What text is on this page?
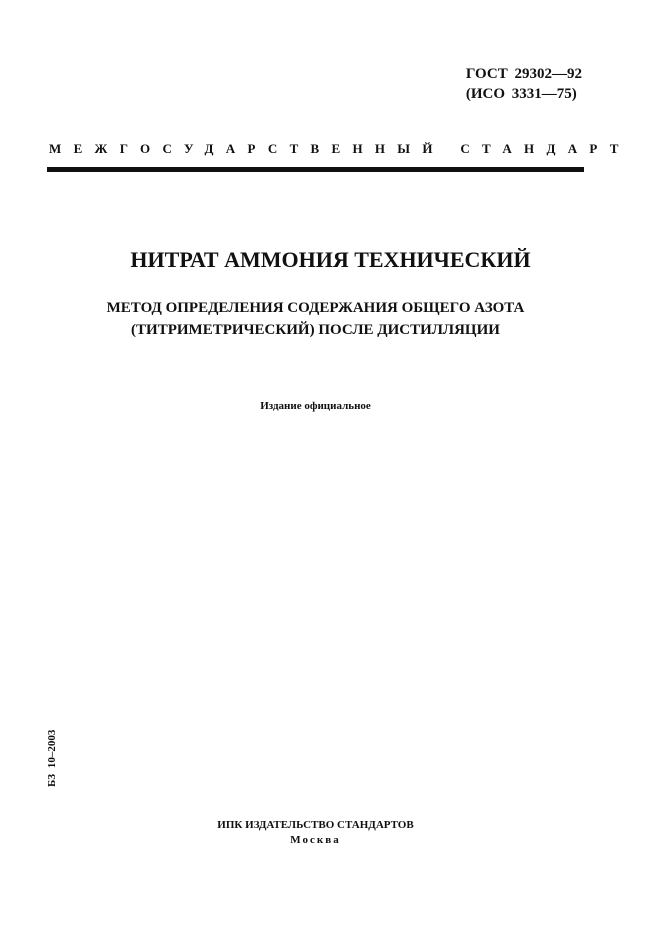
ГОСТ 29302—92
(ИСО 3331—75)
МЕЖГОСУДАРСТВЕННЫЙ СТАНДАРТ
НИТРАТ АММОНИЯ ТЕХНИЧЕСКИЙ
МЕТОД ОПРЕДЕЛЕНИЯ СОДЕРЖАНИЯ ОБЩЕГО АЗОТА
(ТИТРИМЕТРИЧЕСКИЙ) ПОСЛЕ ДИСТИЛЛЯЦИИ
Издание официальное
БЗ 10–2003
ИПК ИЗДАТЕЛЬСТВО СТАНДАРТОВ
Москва
